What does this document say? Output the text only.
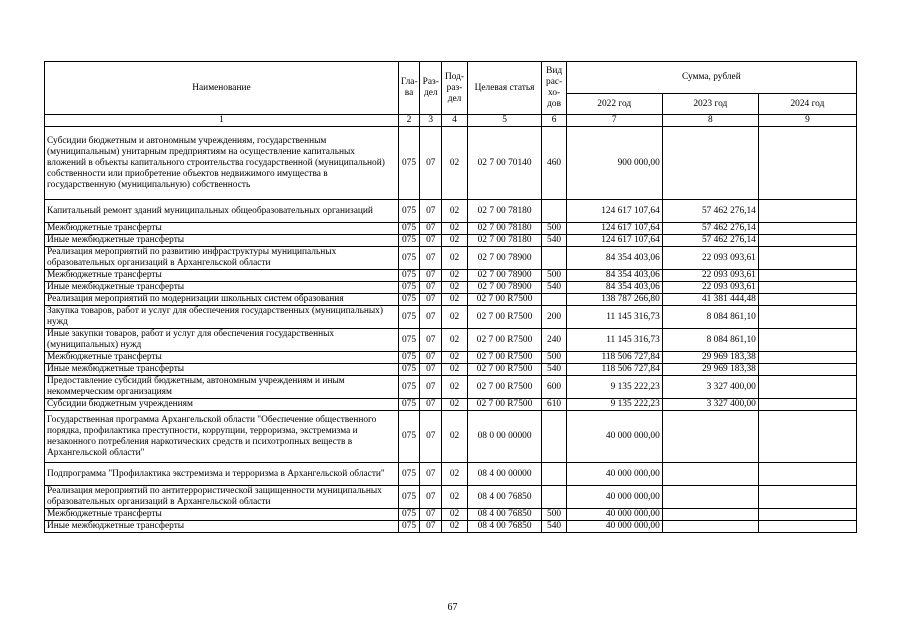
Наименование	Гла-ва	Раз-дел	Под-раз-дел	Целевая статья	Вид рас-хо-дов	Сумма, рублей		
						2022 год	2023 год	2024 год
1	2	3	4	5	6	7	8	9
Субсидии бюджетным и автономным учреждениям, государственным (муниципальным) унитарным предприятиям на осуществление капитальных вложений в объекты капитального строительства государственной (муниципальной) собственности или приобретение объектов недвижимого имущества в государственную (муниципальную) собственность	075	07	02	02 7 00 70140	460	900 000,00		
Капитальный ремонт зданий муниципальных общеобразовательных организаций	075	07	02	02 7 00 78180		124 617 107,64	57 462 276,14	
Межбюджетные трансферты	075	07	02	02 7 00 78180	500	124 617 107,64	57 462 276,14	
Иные межбюджетные трансферты	075	07	02	02 7 00 78180	540	124 617 107,64	57 462 276,14	
Реализация мероприятий по развитию инфраструктуры муниципальных образовательных организаций в Архангельской области	075	07	02	02 7 00 78900		84 354 403,06	22 093 093,61	
Межбюджетные трансферты	075	07	02	02 7 00 78900	500	84 354 403,06	22 093 093,61	
Иные межбюджетные трансферты	075	07	02	02 7 00 78900	540	84 354 403,06	22 093 093,61	
Реализация мероприятий по модернизации школьных систем образования	075	07	02	02 7 00 R7500		138 787 266,80	41 381 444,48	
Закупка товаров, работ и услуг для обеспечения государственных (муниципальных) нужд	075	07	02	02 7 00 R7500	200	11 145 316,73	8 084 861,10	
Иные закупки товаров, работ и услуг для обеспечения государственных (муниципальных) нужд	075	07	02	02 7 00 R7500	240	11 145 316,73	8 084 861,10	
Межбюджетные трансферты	075	07	02	02 7 00 R7500	500	118 506 727,84	29 969 183,38	
Иные межбюджетные трансферты	075	07	02	02 7 00 R7500	540	118 506 727,84	29 969 183,38	
Предоставление субсидий бюджетным, автономным учреждениям и иным некоммерческим организациям	075	07	02	02 7 00 R7500	600	9 135 222,23	3 327 400,00	
Субсидии бюджетным учреждениям	075	07	02	02 7 00 R7500	610	9 135 222,23	3 327 400,00	
Государственная программа Архангельской области "Обеспечение общественного порядка, профилактика преступности, коррупции, терроризма, экстремизма и незаконного потребления наркотических средств и психотропных веществ в Архангельской области"	075	07	02	08 0 00 00000		40 000 000,00		
Подпрограмма "Профилактика экстремизма и терроризма в Архангельской области"	075	07	02	08 4 00 00000		40 000 000,00		
Реализация мероприятий по антитеррористической защищенности муниципальных образовательных организаций в Архангельской области	075	07	02	08 4 00 76850		40 000 000,00		
Межбюджетные трансферты	075	07	02	08 4 00 76850	500	40 000 000,00		
Иные межбюджетные трансферты	075	07	02	08 4 00 76850	540	40 000 000,00		
67
